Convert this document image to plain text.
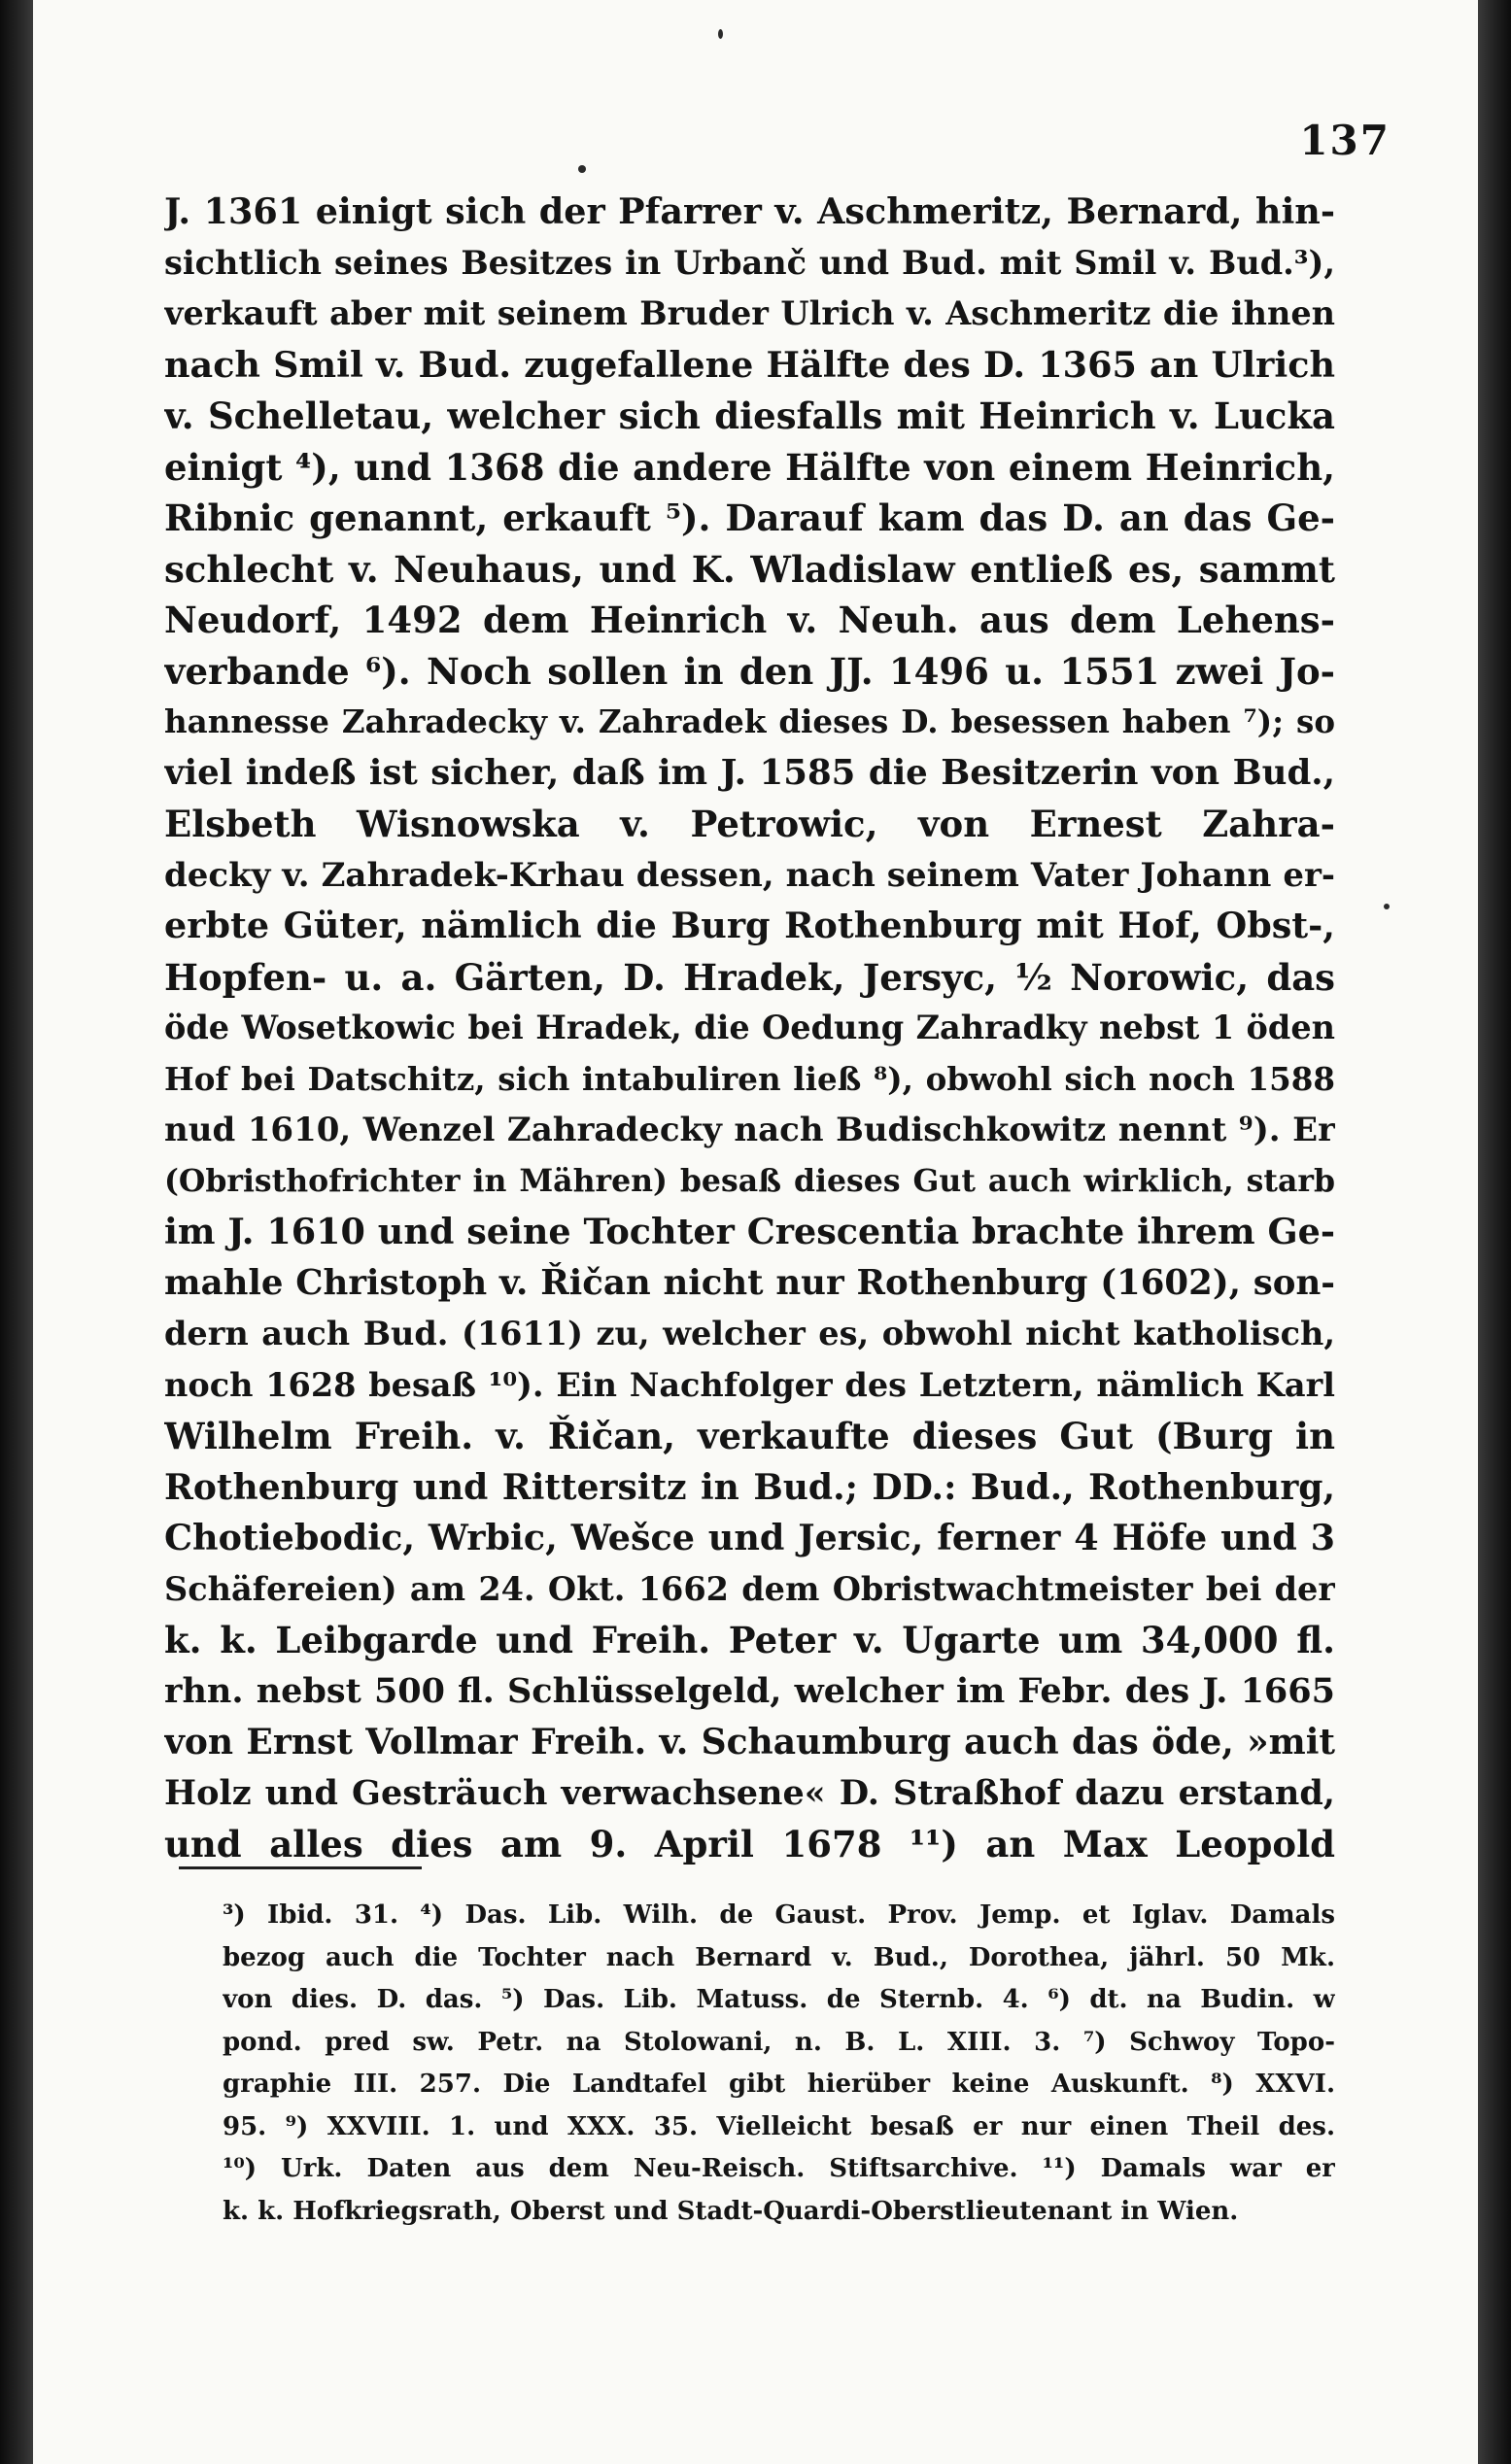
137
J. 1361 einigt sich der Pfarrer v. Aschmeritz, Bernard, hin-
sichtlich seines Besitzes in Urbanč und Bud. mit Smil v. Bud.³),
verkauft aber mit seinem Bruder Ulrich v. Aschmeritz die ihnen
nach Smil v. Bud. zugefallene Hälfte des D. 1365 an Ulrich
v. Schelletau, welcher sich diesfalls mit Heinrich v. Lucka
einigt ⁴), und 1368 die andere Hälfte von einem Heinrich,
Ribnic genannt, erkauft ⁵). Darauf kam das D. an das Ge-
schlecht v. Neuhaus, und K. Wladislaw entließ es, sammt
Neudorf, 1492 dem Heinrich v. Neuh. aus dem Lehens-
verbande ⁶). Noch sollen in den JJ. 1496 u. 1551 zwei Jo-
hannesse Zahradecky v. Zahradek dieses D. besessen haben ⁷); so
viel indeß ist sicher, daß im J. 1585 die Besitzerin von Bud.,
Elsbeth Wisnowska v. Petrowic, von Ernest Zahra-
decky v. Zahradek-Krhau dessen, nach seinem Vater Johann er-
erbte Güter, nämlich die Burg Rothenburg mit Hof, Obst-,
Hopfen- u. a. Gärten, D. Hradek, Jersyc, ½ Norowic, das
öde Wosetkowic bei Hradek, die Oedung Zahradky nebst 1 öden
Hof bei Datschitz, sich intabuliren ließ ⁸), obwohl sich noch 1588
nud 1610, Wenzel Zahradecky nach Budischkowitz nennt ⁹). Er
(Obristhofrichter in Mähren) besaß dieses Gut auch wirklich, starb
im J. 1610 und seine Tochter Crescentia brachte ihrem Ge-
mahle Christoph v. Řičan nicht nur Rothenburg (1602), son-
dern auch Bud. (1611) zu, welcher es, obwohl nicht katholisch,
noch 1628 besaß ¹⁰). Ein Nachfolger des Letztern, nämlich Karl
Wilhelm Freih. v. Řičan, verkaufte dieses Gut (Burg in
Rothenburg und Rittersitz in Bud.; DD.: Bud., Rothenburg,
Chotiebodic, Wrbic, Wešce und Jersic, ferner 4 Höfe und 3
Schäfereien) am 24. Okt. 1662 dem Obristwachtmeister bei der
k. k. Leibgarde und Freih. Peter v. Ugarte um 34,000 fl.
rhn. nebst 500 fl. Schlüsselgeld, welcher im Febr. des J. 1665
von Ernst Vollmar Freih. v. Schaumburg auch das öde, »mit
Holz und Gesträuch verwachsene« D. Straßhof dazu erstand,
und alles dies am 9. April 1678 ¹¹) an Max Leopold
³) Ibid. 31. ⁴) Das. Lib. Wilh. de Gaust. Prov. Jemp. et Iglav. Damals
bezog auch die Tochter nach Bernard v. Bud., Dorothea, jährl. 50 Mk.
von dies. D. das. ⁵) Das. Lib. Matuss. de Sternb. 4. ⁶) dt. na Budin. w
pond. pred sw. Petr. na Stolowani, n. B. L. XIII. 3. ⁷) Schwoy Topo-
graphie III. 257. Die Landtafel gibt hierüber keine Auskunft. ⁸) XXVI.
95. ⁹) XXVIII. 1. und XXX. 35. Vielleicht besaß er nur einen Theil des.
¹⁰) Urk. Daten aus dem Neu-Reisch. Stiftsarchive. ¹¹) Damals war er
k. k. Hofkriegsrath, Oberst und Stadt-Quardi-Oberstlieutenant in Wien.
